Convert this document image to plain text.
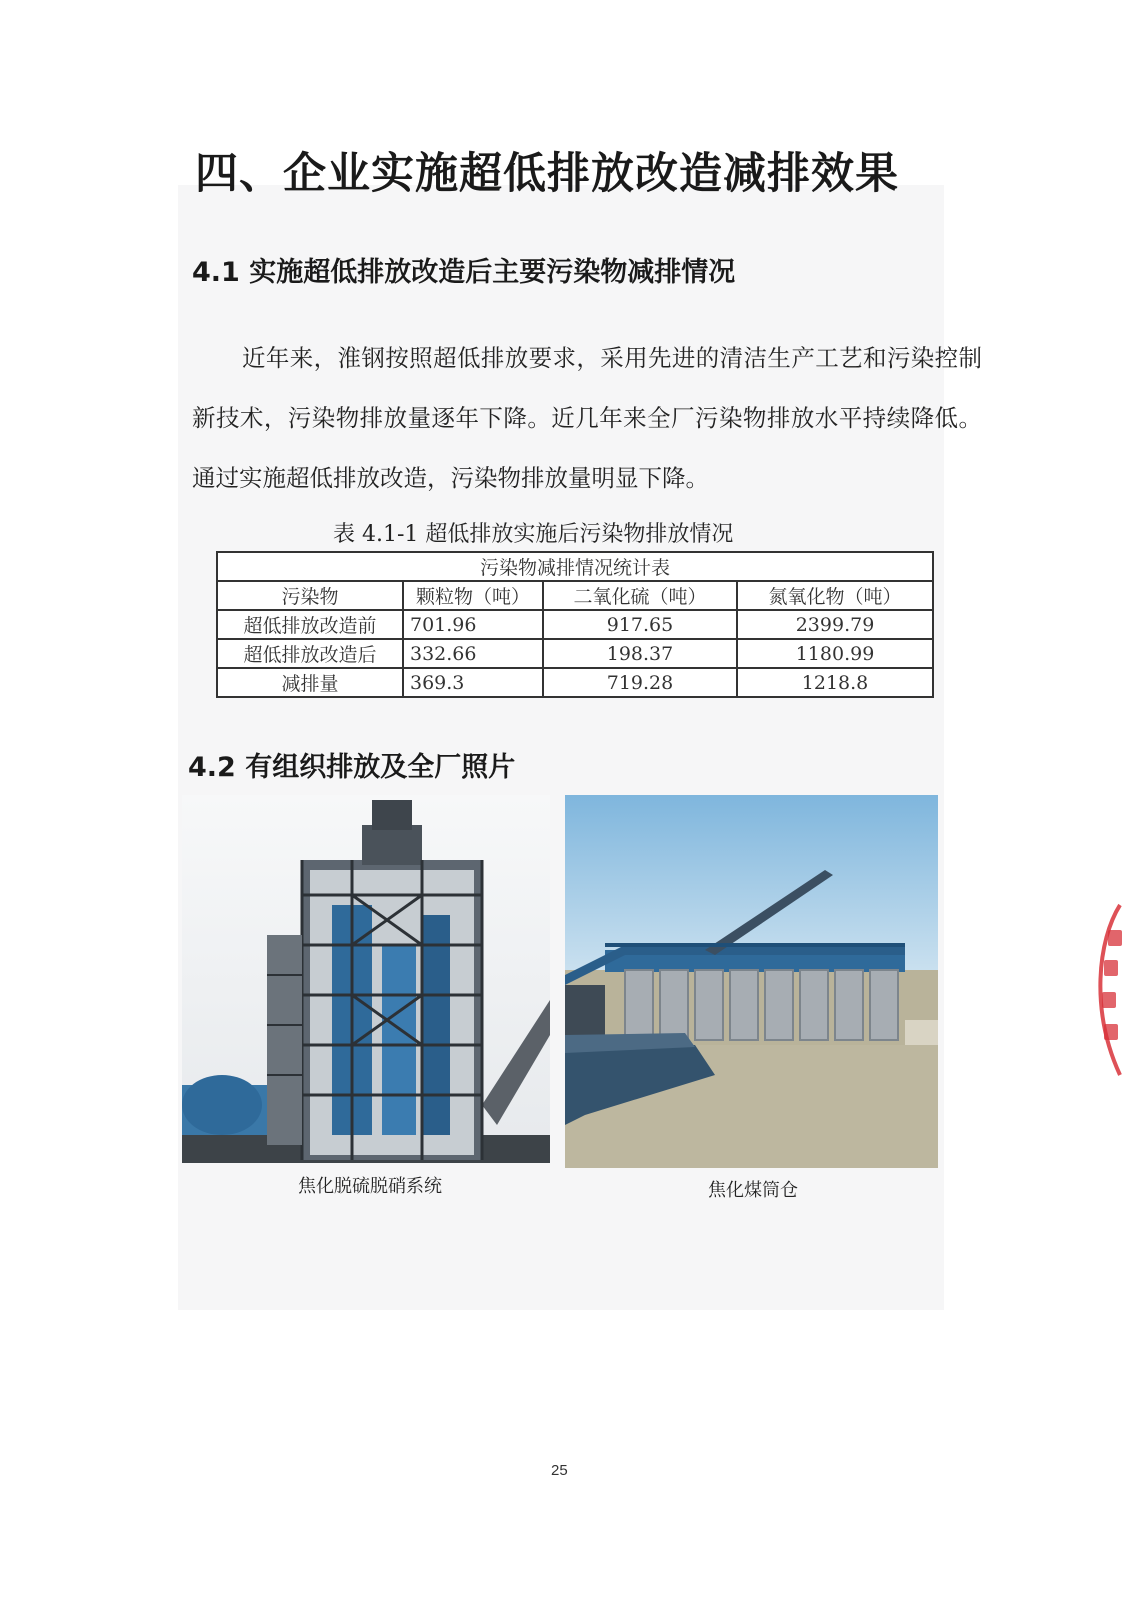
四、企业实施超低排放改造减排效果
4.1 实施超低排放改造后主要污染物减排情况
近年来，淮钢按照超低排放要求，采用先进的清洁生产工艺和污染控制新技术，污染物排放量逐年下降。近几年来全厂污染物排放水平持续降低。通过实施超低排放改造，污染物排放量明显下降。
表 4.1-1 超低排放实施后污染物排放情况
污染物减排情况统计表			
污染物	颗粒物（吨）	二氧化硫（吨）	氮氧化物（吨）
超低排放改造前	701.96	917.65	2399.79
超低排放改造后	332.66	198.37	1180.99
减排量	369.3	719.28	1218.8
4.2 有组织排放及全厂照片
焦化脱硫脱硝系统	焦化煤筒仓
25
